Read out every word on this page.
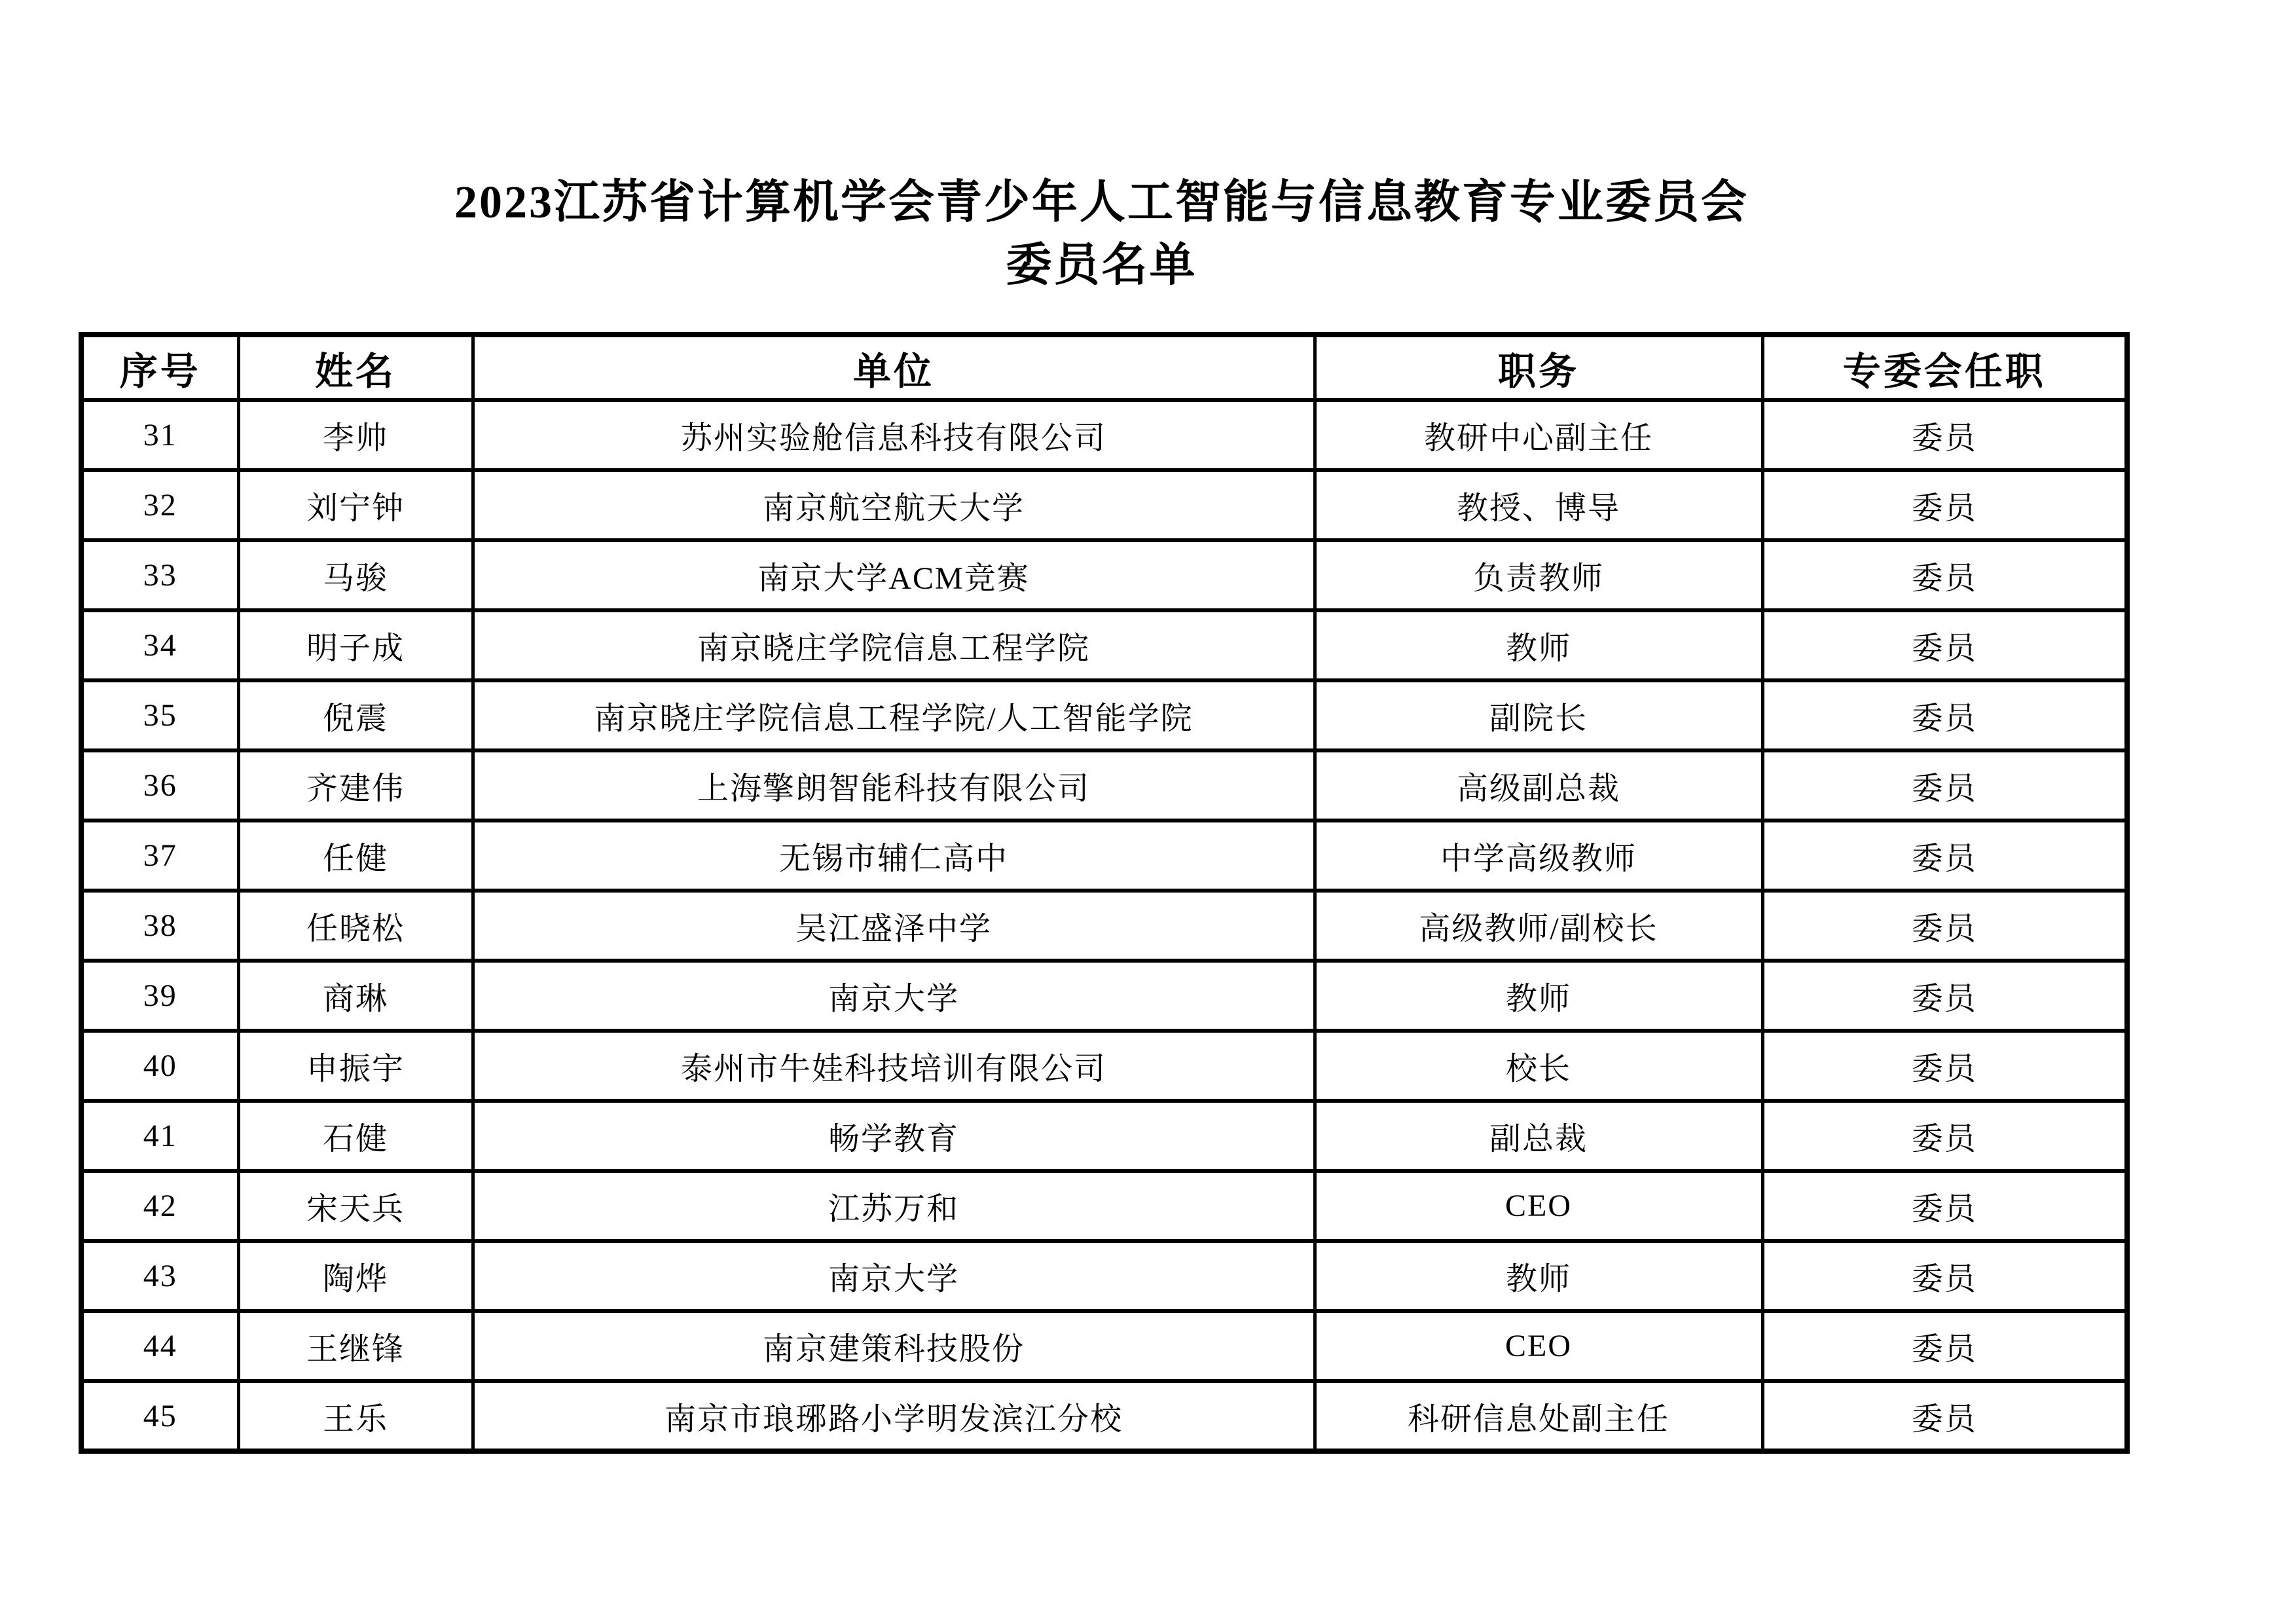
2023江苏省计算机学会青少年人工智能与信息教育专业委员会
委员名单
序号	姓名	单位	职务	专委会任职
31	李帅	苏州实验舱信息科技有限公司	教研中心副主任	委员
32	刘宁钟	南京航空航天大学	教授、博导	委员
33	马骏	南京大学ACM竞赛	负责教师	委员
34	明子成	南京晓庄学院信息工程学院	教师	委员
35	倪震	南京晓庄学院信息工程学院/人工智能学院	副院长	委员
36	齐建伟	上海擎朗智能科技有限公司	高级副总裁	委员
37	任健	无锡市辅仁高中	中学高级教师	委员
38	任晓松	吴江盛泽中学	高级教师/副校长	委员
39	商琳	南京大学	教师	委员
40	申振宇	泰州市牛娃科技培训有限公司	校长	委员
41	石健	畅学教育	副总裁	委员
42	宋天兵	江苏万和	CEO	委员
43	陶烨	南京大学	教师	委员
44	王继锋	南京建策科技股份	CEO	委员
45	王乐	南京市琅琊路小学明发滨江分校	科研信息处副主任	委员
